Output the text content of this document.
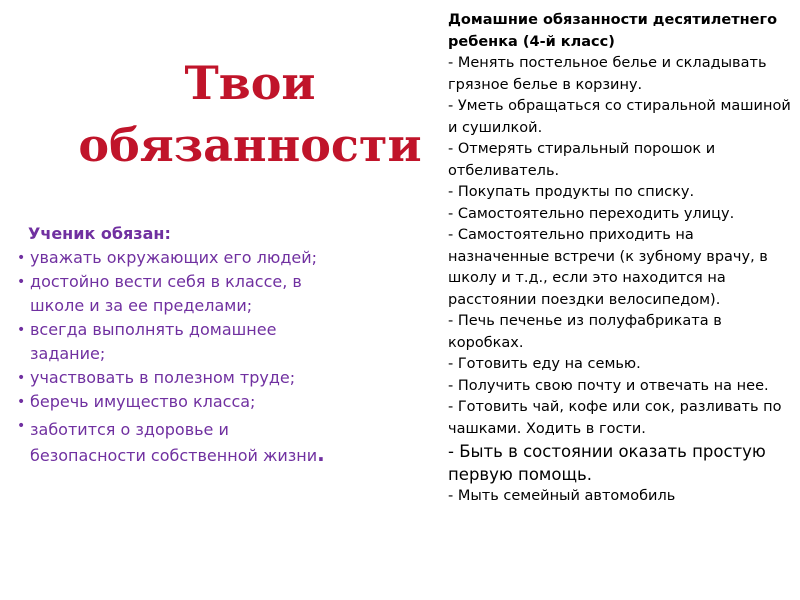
Твои
обязанности

Ученик обязан:

• уважать окружающих его людей;
• достойно вести себя в классе, в школе и за ее пределами;
• всегда выполнять домашнее задание;
• участвовать в полезном труде;
• беречь имущество класса;
• заботится о здоровье и безопасности собственной жизни.

Домашние обязанности десятилетнего ребенка (4-й класс)

- Менять постельное белье и складывать грязное белье в корзину.
- Уметь обращаться со стиральной машиной и сушилкой.
- Отмерять стиральный порошок и отбеливатель.
- Покупать продукты по списку.
- Самостоятельно переходить улицу.
- Самостоятельно приходить на назначенные встречи (к зубному врачу, в школу и т.д., если это находится на расстоянии поездки велосипедом).
- Печь печенье из полуфабриката в коробках.
- Готовить еду на семью.
- Получить свою почту и отвечать на нее.
- Готовить чай, кофе или сок, разливать по чашками. Ходить в гости.
- Быть в состоянии оказать простую первую помощь.
- Мыть семейный автомобиль
